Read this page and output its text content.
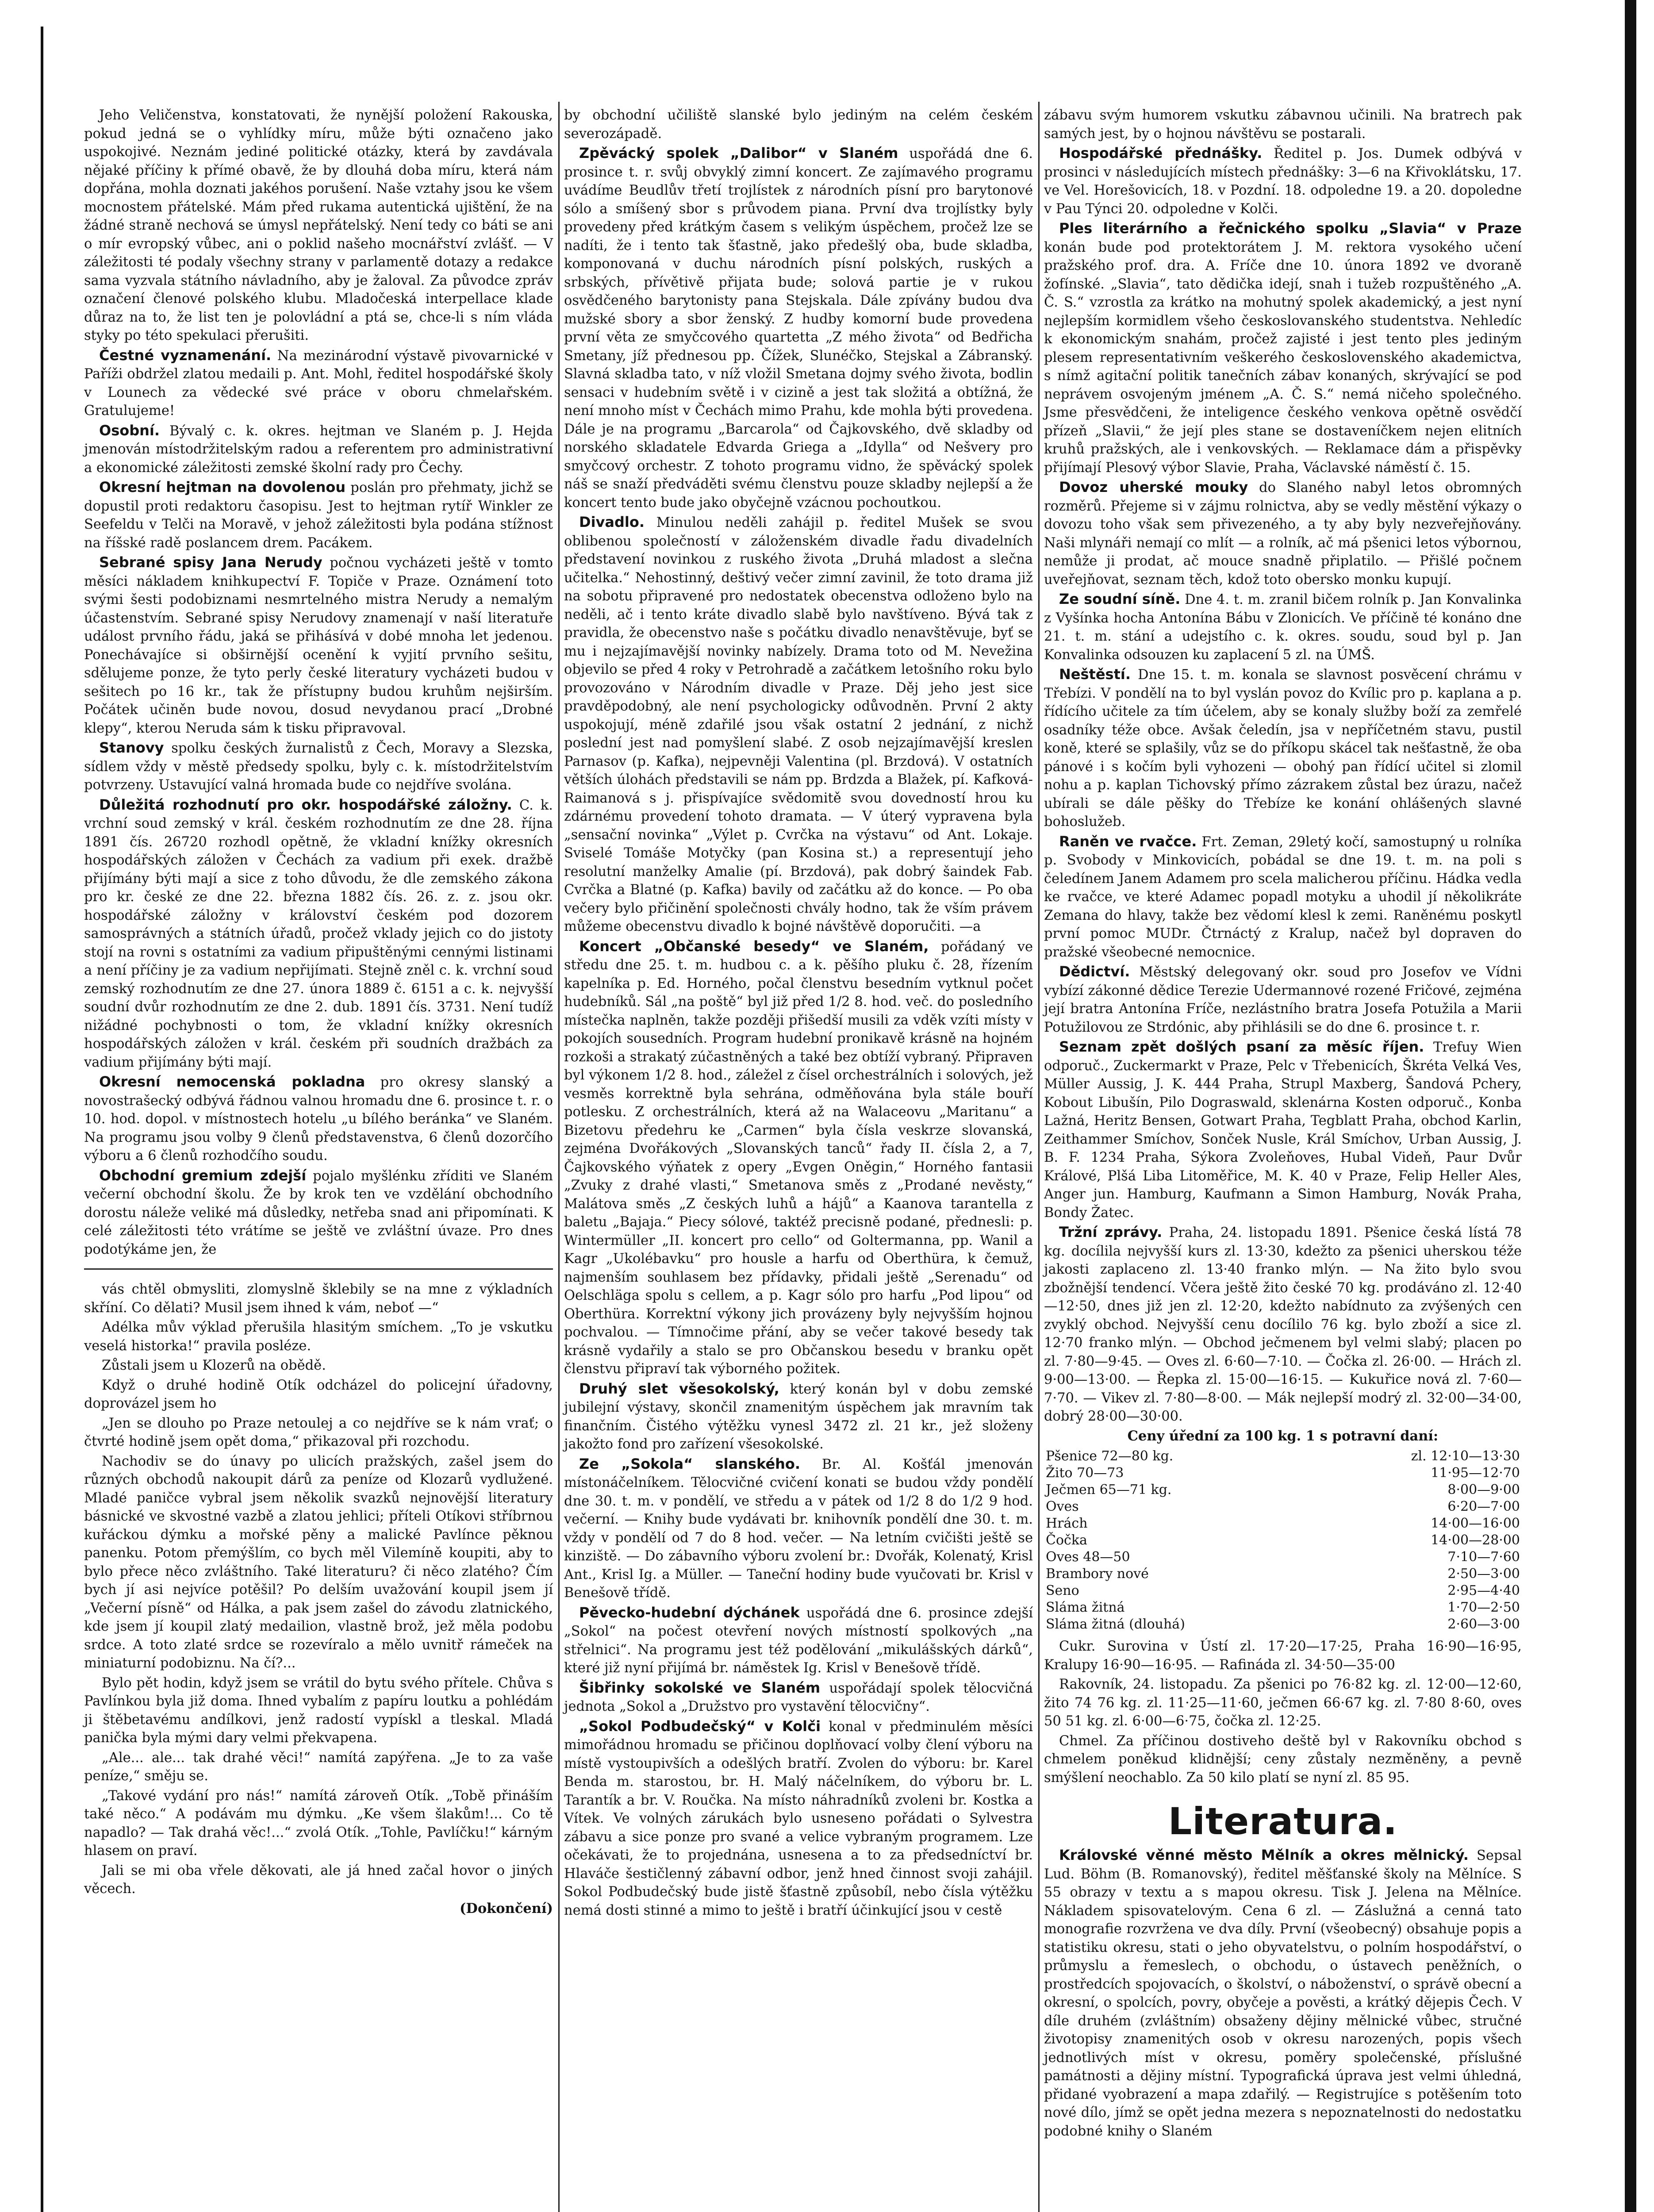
Jeho Veličenstva, konstatovati, že nynější položení Rakouska, pokud jedná se o vyhlídky míru, může býti označeno jako uspokojivé. Neznám jediné politické otázky, která by zavdávala nějaké příčiny k přímé obavě, že by dlouhá doba míru, která nám dopřána, mohla doznati jakéhos porušení. Naše vztahy jsou ke všem mocnostem přátelské. Mám před rukama autentická ujištění, že na žádné straně nechová se úmysl nepřátelský. Není tedy co báti se ani o mír evropský vůbec, ani o poklid našeho mocnářství zvlášť. — V záležitosti té podaly všechny strany v parlamentě dotazy a redakce sama vyzvala státního návladního, aby je žaloval. Za původce zpráv označení členové polského klubu. Mladočeská interpellace klade důraz na to, že list ten je polovládní a ptá se, chce-li s ním vláda styky po této spekulaci přerušiti.

Čestné vyznamenání. Na mezinárodní výstavě pivovarnické v Paříži obdržel zlatou medaili p. Ant. Mohl, ředitel hospodářské školy v Lounech za vědecké své práce v oboru chmelařském. Gratulujeme!

Osobní. Bývalý c. k. okres. hejtman ve Slaném p. J. Hejda jmenován místodržitelským radou a referentem pro administrativní a ekonomické záležitosti zemské školní rady pro Čechy.

Okresní hejtman na dovolenou poslán pro přehmaty, jichž se dopustil proti redaktoru časopisu. Jest to hejtman rytíř Winkler ze Seefeldu v Telči na Moravě, v jehož záležitosti byla podána stížnost na říšské radě poslancem drem. Pacákem.

Sebrané spisy Jana Nerudy počnou vycházeti ještě v tomto měsíci nákladem knihkupectví F. Topiče v Praze. Oznámení toto svými šesti podobiznami nesmrtelného mistra Nerudy a nemalým účastenstvím. Sebrané spisy Nerudovy znamenají v naší literatuře událost prvního řádu, jaká se přihásívá v dobé mnoha let jedenou. Ponechávajíce si obširnější ocenění k vyjití prvního sešitu, sdělujeme ponze, že tyto perly české literatury vycházeti budou v sešitech po 16 kr., tak že přístupny budou kruhům nejširším. Počátek učiněn bude novou, dosud nevydanou prací „Drobné klepy“, kterou Neruda sám k tisku připravoval.

Stanovy spolku českých žurnalistů z Čech, Moravy a Slezska, sídlem vždy v městě předsedy spolku, byly c. k. místodržitelstvím potvrzeny. Ustavující valná hromada bude co nejdříve svolána.

Důležitá rozhodnutí pro okr. hospodářské záložny. C. k. vrchní soud zemský v král. českém rozhodnutím ze dne 28. října 1891 čís. 26720 rozhodl opětně, že vkladní knížky okresních hospodářských záložen v Čechách za vadium při exek. dražbě přijímány býti mají a sice z toho důvodu, že dle zemského zákona pro kr. české ze dne 22. března 1882 čís. 26. z. z. jsou okr. hospodářské záložny v království českém pod dozorem samosprávných a státních úřadů, pročež vklady jejich co do jistoty stojí na rovni s ostatními za vadium připuštěnými cennými listinami a není příčiny je za vadium nepřijímati. Stejně zněl c. k. vrchní soud zemský rozhodnutím ze dne 27. února 1889 č. 6151 a c. k. nejvyšší soudní dvůr rozhodnutím ze dne 2. dub. 1891 čís. 3731. Není tudíž nižádné pochybnosti o tom, že vkladní knížky okresních hospodářských záložen v král. českém při soudních dražbách za vadium přijímány býti mají.

Okresní nemocenská pokladna pro okresy slanský a novostrašecký odbývá řádnou valnou hromadu dne 6. prosince t. r. o 10. hod. dopol. v místnostech hotelu „u bílého beránka“ ve Slaném. Na programu jsou volby 9 členů představenstva, 6 členů dozorčího výboru a 6 členů rozhodčího soudu.

Obchodní gremium zdejší pojalo myšlénku zříditi ve Slaném večerní obchodní školu. Že by krok ten ve vzdělání obchodního dorostu náleže veliké má důsledky, netřeba snad ani připomínati. K celé záležitosti této vrátíme se ještě ve zvláštní úvaze. Pro dnes podotýkáme jen, že

vás chtěl obmysliti, zlomyslně šklebily se na mne z výkladních skříní. Co dělati? Musil jsem ihned k vám, neboť —“

Adélka mův výklad přerušila hlasitým smíchem. „To je vskutku veselá historka!“ pravila posléze.

Zůstali jsem u Klozerů na obědě.

Když o druhé hodině Otík odcházel do policejní úřadovny, doprovázel jsem ho

„Jen se dlouho po Praze netoulej a co nejdříve se k nám vrať; o čtvrté hodině jsem opět doma,“ přikazoval při rozchodu.

Nachodiv se do únavy po ulicích pražských, zašel jsem do různých obchodů nakoupit dárů za peníze od Klozarů vydlužené. Mladé paničce vybral jsem několik svazků nejnovější literatury básnické ve skvostné vazbě a zlatou jehlici; příteli Otíkovi stříbrnou kuřáckou dýmku a mořské pěny a malické Pavlínce pěknou panenku. Potom přemýšlím, co bych měl Vilemíně koupiti, aby to bylo přece něco zvláštního. Také literaturu? či něco zlatého? Čím bych jí asi nejvíce potěšil? Po delším uvažování koupil jsem jí „Večerní písně“ od Hálka, a pak jsem zašel do závodu zlatnického, kde jsem jí koupil zlatý medailion, vlastně brož, jež měla podobu srdce. A toto zlaté srdce se rozevíralo a mělo uvnitř rámeček na miniaturní podobiznu. Na čí?...

Bylo pět hodin, když jsem se vrátil do bytu svého přítele. Chůva s Pavlínkou byla již doma. Ihned vybalím z papíru loutku a pohlédám ji štěbetavému andílkovi, jenž radostí vypískl a tleskal. Mladá panička byla mými dary velmi překvapena.

„Ale... ale... tak drahé věci!“ namítá zapýřena. „Je to za vaše peníze,“ směju se.

„Takové vydání pro nás!“ namítá zároveň Otík. „Tobě přináším také něco.“ A podávám mu dýmku. „Ke všem šlakům!... Co tě napadlo? — Tak drahá věc!...“ zvolá Otík. „Tohle, Pavlíčku!“ kárným hlasem on praví.

Jali se mi oba vřele děkovati, ale já hned začal hovor o jiných věcech.

(Dokončení)

by obchodní učiliště slanské bylo jediným na celém českém severozápadě.

Zpěvácký spolek „Dalibor“ v Slaném uspořádá dne 6. prosince t. r. svůj obvyklý zimní koncert. Ze zajímavého programu uvádíme Beudlův třetí trojlístek z národních písní pro barytonové sólo a smíšený sbor s průvodem piana. První dva trojlístky byly provedeny před krátkým časem s velikým úspěchem, pročež lze se nadíti, že i tento tak šťastně, jako předešlý oba, bude skladba, komponovaná v duchu národních písní polských, ruských a srbských, přívětivě přijata bude; solová partie je v rukou osvědčeného barytonisty pana Stejskala. Dále zpívány budou dva mužské sbory a sbor ženský. Z hudby komorní bude provedena první věta ze smyčcového quartetta „Z mého života“ od Bedřicha Smetany, jíž přednesou pp. Čížek, Slunéčko, Stejskal a Zábranský. Slavná skladba tato, v níž vložil Smetana dojmy svého života, bodlin sensaci v hudebním světě i v cizině a jest tak složitá a obtížná, že není mnoho míst v Čechách mimo Prahu, kde mohla býti provedena. Dále je na programu „Barcarola“ od Čajkovského, dvě skladby od norského skladatele Edvarda Griega a „Idylla“ od Nešvery pro smyčcový orchestr. Z tohoto programu vidno, že spěvácký spolek náš se snaží předváděti svému členstvu pouze skladby nejlepší a že koncert tento bude jako obyčejně vzácnou pochoutkou.

Divadlo. Minulou neděli zahájil p. ředitel Mušek se svou oblibenou společností v záloženském divadle řadu divadelních představení novinkou z ruského života „Druhá mladost a slečna učitelka.“ Nehostinný, deštivý večer zimní zavinil, že toto drama již na sobotu připravené pro nedostatek obecenstva odloženo bylo na neděli, ač i tento kráte divadlo slabě bylo navštíveno. Bývá tak z pravidla, že obecenstvo naše s počátku divadlo nenavštěvuje, byť se mu i nejzajímavější novinky nabízely. Drama toto od M. Nevežina objevilo se před 4 roky v Petrohradě a začátkem letošního roku bylo provozováno v Národním divadle v Praze. Děj jeho jest sice pravděpodobný, ale není psychologicky odůvodněn. První 2 akty uspokojují, méně zdařilé jsou však ostatní 2 jednání, z nichž poslední jest nad pomyšlení slabé. Z osob nejzajímavější kreslen Parnasov (p. Kafka), nejpevněji Valentina (pl. Brzdová). V ostatních větších úlohách představili se nám pp. Brdzda a Blažek, pí. Kafková-Raimanová s j. přispívajíce svědomitě svou dovedností hrou ku zdárnému provedení tohoto dramata. — V úterý vypravena byla „sensační novinka“ „Výlet p. Cvrčka na výstavu“ od Ant. Lokaje. Sviselé Tomáše Motyčky (pan Kosina st.) a representují jeho resolutní manželky Amalie (pí. Brzdová), pak dobrý šaindek Fab. Cvrčka a Blatné (p. Kafka) bavily od začátku až do konce. — Po oba večery bylo přičinění společnosti chvály hodno, tak že vším právem můžeme obecenstvu divadlo k bojné návštěvě doporučiti. —a

Koncert „Občanské besedy“ ve Slaném, pořádaný ve středu dne 25. t. m. hudbou c. a k. pěšího pluku č. 28, řízením kapelníka p. Ed. Horného, počal členstvu besedním vytknul počet hudebníků. Sál „na poště“ byl již před 1/2 8. hod. več. do posledního místečka naplněn, takže později přišedší musili za vděk vzíti místy v pokojích sousedních. Program hudební pronikavě krásně na hojném rozkoši a strakatý zúčastněných a také bez obtíží vybraný. Připraven byl výkonem 1/2 8. hod., záležel z čísel orchestrálních i solových, jež vesměs korrektně byla sehrána, odměňována byla stále bouří potlesku. Z orchestrálních, která až na Walaceovu „Maritanu“ a Bizetovu předehru ke „Carmen“ byla čísla veskrze slovanská, zejména Dvořákových „Slovanských tanců“ řady II. čísla 2, a 7, Čajkovského výňatek z opery „Evgen Oněgin,“ Horného fantasii „Zvuky z drahé vlasti,“ Smetanova směs z „Prodané nevěsty,“ Malátova směs „Z českých luhů a hájů“ a Kaanova tarantella z baletu „Bajaja.“ Piecy sólové, taktéž precisně podané, přednesli: p. Wintermüller „II. koncert pro cello“ od Goltermanna, pp. Wanil a Kagr „Ukolébavku“ pro housle a harfu od Oberthüra, k čemuž, najmenším souhlasem bez přídavky, přidali ještě „Serenadu“ od Oelschläga spolu s cellem, a p. Kagr sólo pro harfu „Pod lipou“ od Oberthüra. Korrektní výkony jich provázeny byly nejvyšším hojnou pochvalou. — Tímnočime přání, aby se večer takové besedy tak krásně vydařily a stalo se pro Občanskou besedu v branku opět členstvu připraví tak výborného požitek.

Druhý slet všesokolský, který konán byl v dobu zemské jubilejní výstavy, skončil znamenitým úspěchem jak mravním tak finančním. Čistého výtěžku vynesl 3472 zl. 21 kr., jež složeny jakožto fond pro zařízení všesokolské.

Ze „Sokola“ slanského. Br. Al. Košťál jmenován místonáčelníkem. Tělocvičné cvičení konati se budou vždy pondělí dne 30. t. m. v pondělí, ve středu a v pátek od 1/2 8 do 1/2 9 hod. večerní. — Knihy bude vydávati br. knihovník pondělí dne 30. t. m. vždy v pondělí od 7 do 8 hod. večer. — Na letním cvičišti ještě se kinziště. — Do zábavního výboru zvolení br.: Dvořák, Kolenatý, Krisl Ant., Krisl Ig. a Müller. — Taneční hodiny bude vyučovati br. Krisl v Benešově třídě.

Pěvecko-hudební dýchánek uspořádá dne 6. prosince zdejší „Sokol“ na počest otevření nových místností spolkových „na střelnici“. Na programu jest též podělování „mikulášských dárků“, které již nyní přijímá br. náměstek Ig. Krisl v Benešově třídě.

Šibřinky sokolské ve Slaném uspořádají spolek tělocvičná jednota „Sokol a „Družstvo pro vystavění tělocvičny“.

„Sokol Podbudečský“ v Kolči konal v předminulém měsíci mimořádnou hromadu se přičinou doplňovací volby člení výboru na místě vystoupivších a odešlých bratří. Zvolen do výboru: br. Karel Benda m. starostou, br. H. Malý náčelníkem, do výboru br. L. Tarantík a br. V. Roučka. Na místo náhradníků zvoleni br. Kostka a Vítek. Ve volných zárukách bylo usneseno pořádati o Sylvestra zábavu a sice ponze pro svané a velice vybraným programem. Lze očekávati, že to projednána, usnesena a to za předsedníctví br. Hlaváče šestičlenný zábavní odbor, jenž hned činnost svoji zahájil. Sokol Podbudečský bude jistě šťastně způsobíl, nebo čísla výtěžku nemá dosti stinné a mimo to ještě i bratří účinkující jsou v cestě

zábavu svým humorem vskutku zábavnou učinili. Na bratrech pak samých jest, by o hojnou návštěvu se postarali.

Hospodářské přednášky. Ředitel p. Jos. Dumek odbývá v prosinci v následujících místech přednášky: 3—6 na Křivoklátsku, 17. ve Vel. Horešovicích, 18. v Pozdní. 18. odpoledne 19. a 20. dopoledne v Pau Týnci 20. odpoledne v Kolči.

Ples literárního a řečnického spolku „Slavia“ v Praze konán bude pod protektorátem J. M. rektora vysokého učení pražského prof. dra. A. Fríče dne 10. února 1892 ve dvoraně žofínské. „Slavia“, tato dědička idejí, snah i tužeb rozpuštěného „A. Č. S.“ vzrostla za krátko na mohutný spolek akademický, a jest nyní nejlepším kormidlem všeho českoslovanského studentstva. Nehledíc k ekonomickým snahám, pročež zajisté i jest tento ples jediným plesem representativním veškerého československého akademictva, s nímž agitační politik tanečních zábav konaných, skrývající se pod neprávem osvojeným jménem „A. Č. S.“ nemá ničeho společného. Jsme přesvědčeni, že inteligence českého venkova opětně osvědčí přízeň „Slavii,“ že její ples stane se dostaveníčkem nejen elitních kruhů pražských, ale i venkovských. — Reklamace dám a přispěvky přijímají Plesový výbor Slavie, Praha, Václavské náměstí č. 15.

Dovoz uherské mouky do Slaného nabyl letos obromných rozměrů. Přejeme si v zájmu rolnictva, aby se vedly městění výkazy o dovozu toho však sem přivezeného, a ty aby byly nezveřejňovány. Naši mlynáři nemají co mlít — a rolník, ač má pšenici letos výbornou, nemůže ji prodat, ač mouce snadně připlatilo. — Přišlé počnem uveřejňovat, seznam těch, kdož toto obersko monku kupují.

Ze soudní síně. Dne 4. t. m. zranil bičem rolník p. Jan Konvalinka z Vyšínka hocha Antonína Bábu v Zlonicích. Ve příčině té konáno dne 21. t. m. stání a udejstího c. k. okres. soudu, soud byl p. Jan Konvalinka odsouzen ku zaplacení 5 zl. na ÚMŠ.

Neštěstí. Dne 15. t. m. konala se slavnost posvěcení chrámu v Třebízi. V pondělí na to byl vyslán povoz do Kvílic pro p. kaplana a p. řídícího učitele za tím účelem, aby se konaly služby boží za zemřelé osadníky téže obce. Avšak čeledín, jsa v nepříčetném stavu, pustil koně, které se splašily, vůz se do příkopu skácel tak nešťastně, že oba pánové i s kočím byli vyhozeni — obohý pan řídící učitel si zlomil nohu a p. kaplan Tichovský přímo zázrakem zůstal bez úrazu, načež ubírali se dále pěšky do Třebíze ke konání ohlášených slavné bohoslužeb.

Raněn ve rvačce. Frt. Zeman, 29letý kočí, samostupný u rolníka p. Svobody v Minkovicích, pobádal se dne 19. t. m. na poli s čeledínem Janem Adamem pro scela malicherou příčinu. Hádka vedla ke rvačce, ve které Adamec popadl motyku a uhodil jí několikráte Zemana do hlavy, takže bez vědomí klesl k zemi. Raněnému poskytl první pomoc MUDr. Čtrnáctý z Kralup, načež byl dopraven do pražské všeobecné nemocnice.

Dědictví. Městský delegovaný okr. soud pro Josefov ve Vídni vybízí zákonné dědice Terezie Udermannové rozené Fričové, zejména její bratra Antonína Fríče, nezlástního bratra Josefa Potužila a Marii Potužilovou ze Strdónic, aby přihlásili se do dne 6. prosince t. r.

Seznam zpět došlých psaní za měsíc říjen. Trefuy Wien odporuč., Zuckermarkt v Praze, Pelc v Třebenicích, Škréta Velká Ves, Müller Aussig, J. K. 444 Praha, Strupl Maxberg, Šandová Pchery, Kobout Libušín, Pilo Dograswald, sklenárna Kosten odporuč., Konba Lažná, Heritz Bensen, Gotwart Praha, Tegblatt Praha, obchod Karlin, Zeithammer Smíchov, Sonček Nusle, Král Smíchov, Urban Aussig, J. B. F. 1234 Praha, Sýkora Zvoleňoves, Hubal Videň, Paur Dvůr Králové, Plšá Liba Litoměřice, M. K. 40 v Praze, Felip Heller Ales, Anger jun. Hamburg, Kaufmann a Simon Hamburg, Novák Praha, Bondy Žatec.

Tržní zprávy. Praha, 24. listopadu 1891. Pšenice česká lístá 78 kg. docílila nejvyšší kurs zl. 13·30, kdežto za pšenici uherskou téže jakosti zaplaceno zl. 13·40 franko mlýn. — Na žito bylo svou zbožnější tendencí. Včera ještě žito české 70 kg. prodáváno zl. 12·40—12·50, dnes již jen zl. 12·20, kdežto nabídnuto za zvýšených cen zvyklý obchod. Nejvyšší cenu docílilo 76 kg. bylo zboží a sice zl. 12·70 franko mlýn. — Obchod ječmenem byl velmi slabý; placen po zl. 7·80—9·45. — Oves zl. 6·60—7·10. — Čočka zl. 26·00. — Hrách zl. 9·00—13·00. — Řepka zl. 15·00—16·15. — Kukuřice nová zl. 7·60—7·70. — Vikev zl. 7·80—8·00. — Mák nejlepší modrý zl. 32·00—34·00, dobrý 28·00—30·00.

Ceny úřední za 100 kg. 1 s potravní daní:
Pšenice 72—80 kg.	zl. 12·10—13·30
Žito 70—73	11·95—12·70
Ječmen 65—71 kg.	8·00—9·00
Oves	6·20—7·00
Hrách	14·00—16·00
Čočka	14·00—28·00
Oves 48—50	7·10—7·60
Brambory nové	2·50—3·00
Seno	2·95—4·40
Sláma žitná	1·70—2·50
Sláma žitná (dlouhá)	2·60—3·00

Cukr. Surovina v Ústí zl. 17·20—17·25, Praha 16·90—16·95, Kralupy 16·90—16·95. — Rafináda zl. 34·50—35·00

Rakovník, 24. listopadu. Za pšenici po 76·82 kg. zl. 12·00—12·60, žito 74 76 kg. zl. 11·25—11·60, ječmen 66·67 kg. zl. 7·80 8·60, oves 50 51 kg. zl. 6·00—6·75, čočka zl. 12·25.

Chmel. Za příčinou dostiveho deště byl v Rakovníku obchod s chmelem poněkud klidnější; ceny zůstaly nezměněny, a pevně smýšlení neochablo. Za 50 kilo platí se nyní zl. 85 95.

Literatura.

Královské věnné město Mělník a okres mělnický. Sepsal Lud. Böhm (B. Romanovský), ředitel měšťanské školy na Mělníce. S 55 obrazy v textu a s mapou okresu. Tisk J. Jelena na Mělníce. Nákladem spisovatelovým. Cena 6 zl. — Záslužná a cenná tato monografie rozvržena ve dva díly. První (všeobecný) obsahuje popis a statistiku okresu, stati o jeho obyvatelstvu, o polním hospodářství, o průmyslu a řemeslech, o obchodu, o ústavech peněžních, o prostředcích spojovacích, o školství, o náboženství, o správě obecní a okresní, o spolcích, povry, obyčeje a pověsti, a krátký dějepis Čech. V díle druhém (zvláštním) obsaženy dějiny mělnické vůbec, stručné životopisy znamenitých osob v okresu narozených, popis všech jednotlivých míst v okresu, poměry společenské, příslušné památnosti a dějiny místní. Typografická úprava jest velmi úhledná, přidané vyobrazení a mapa zdařilý. — Registrujíce s potěšením toto nové dílo, jímž se opět jedna mezera s nepoznatelnosti do nedostatku podobné knihy o Slaném
